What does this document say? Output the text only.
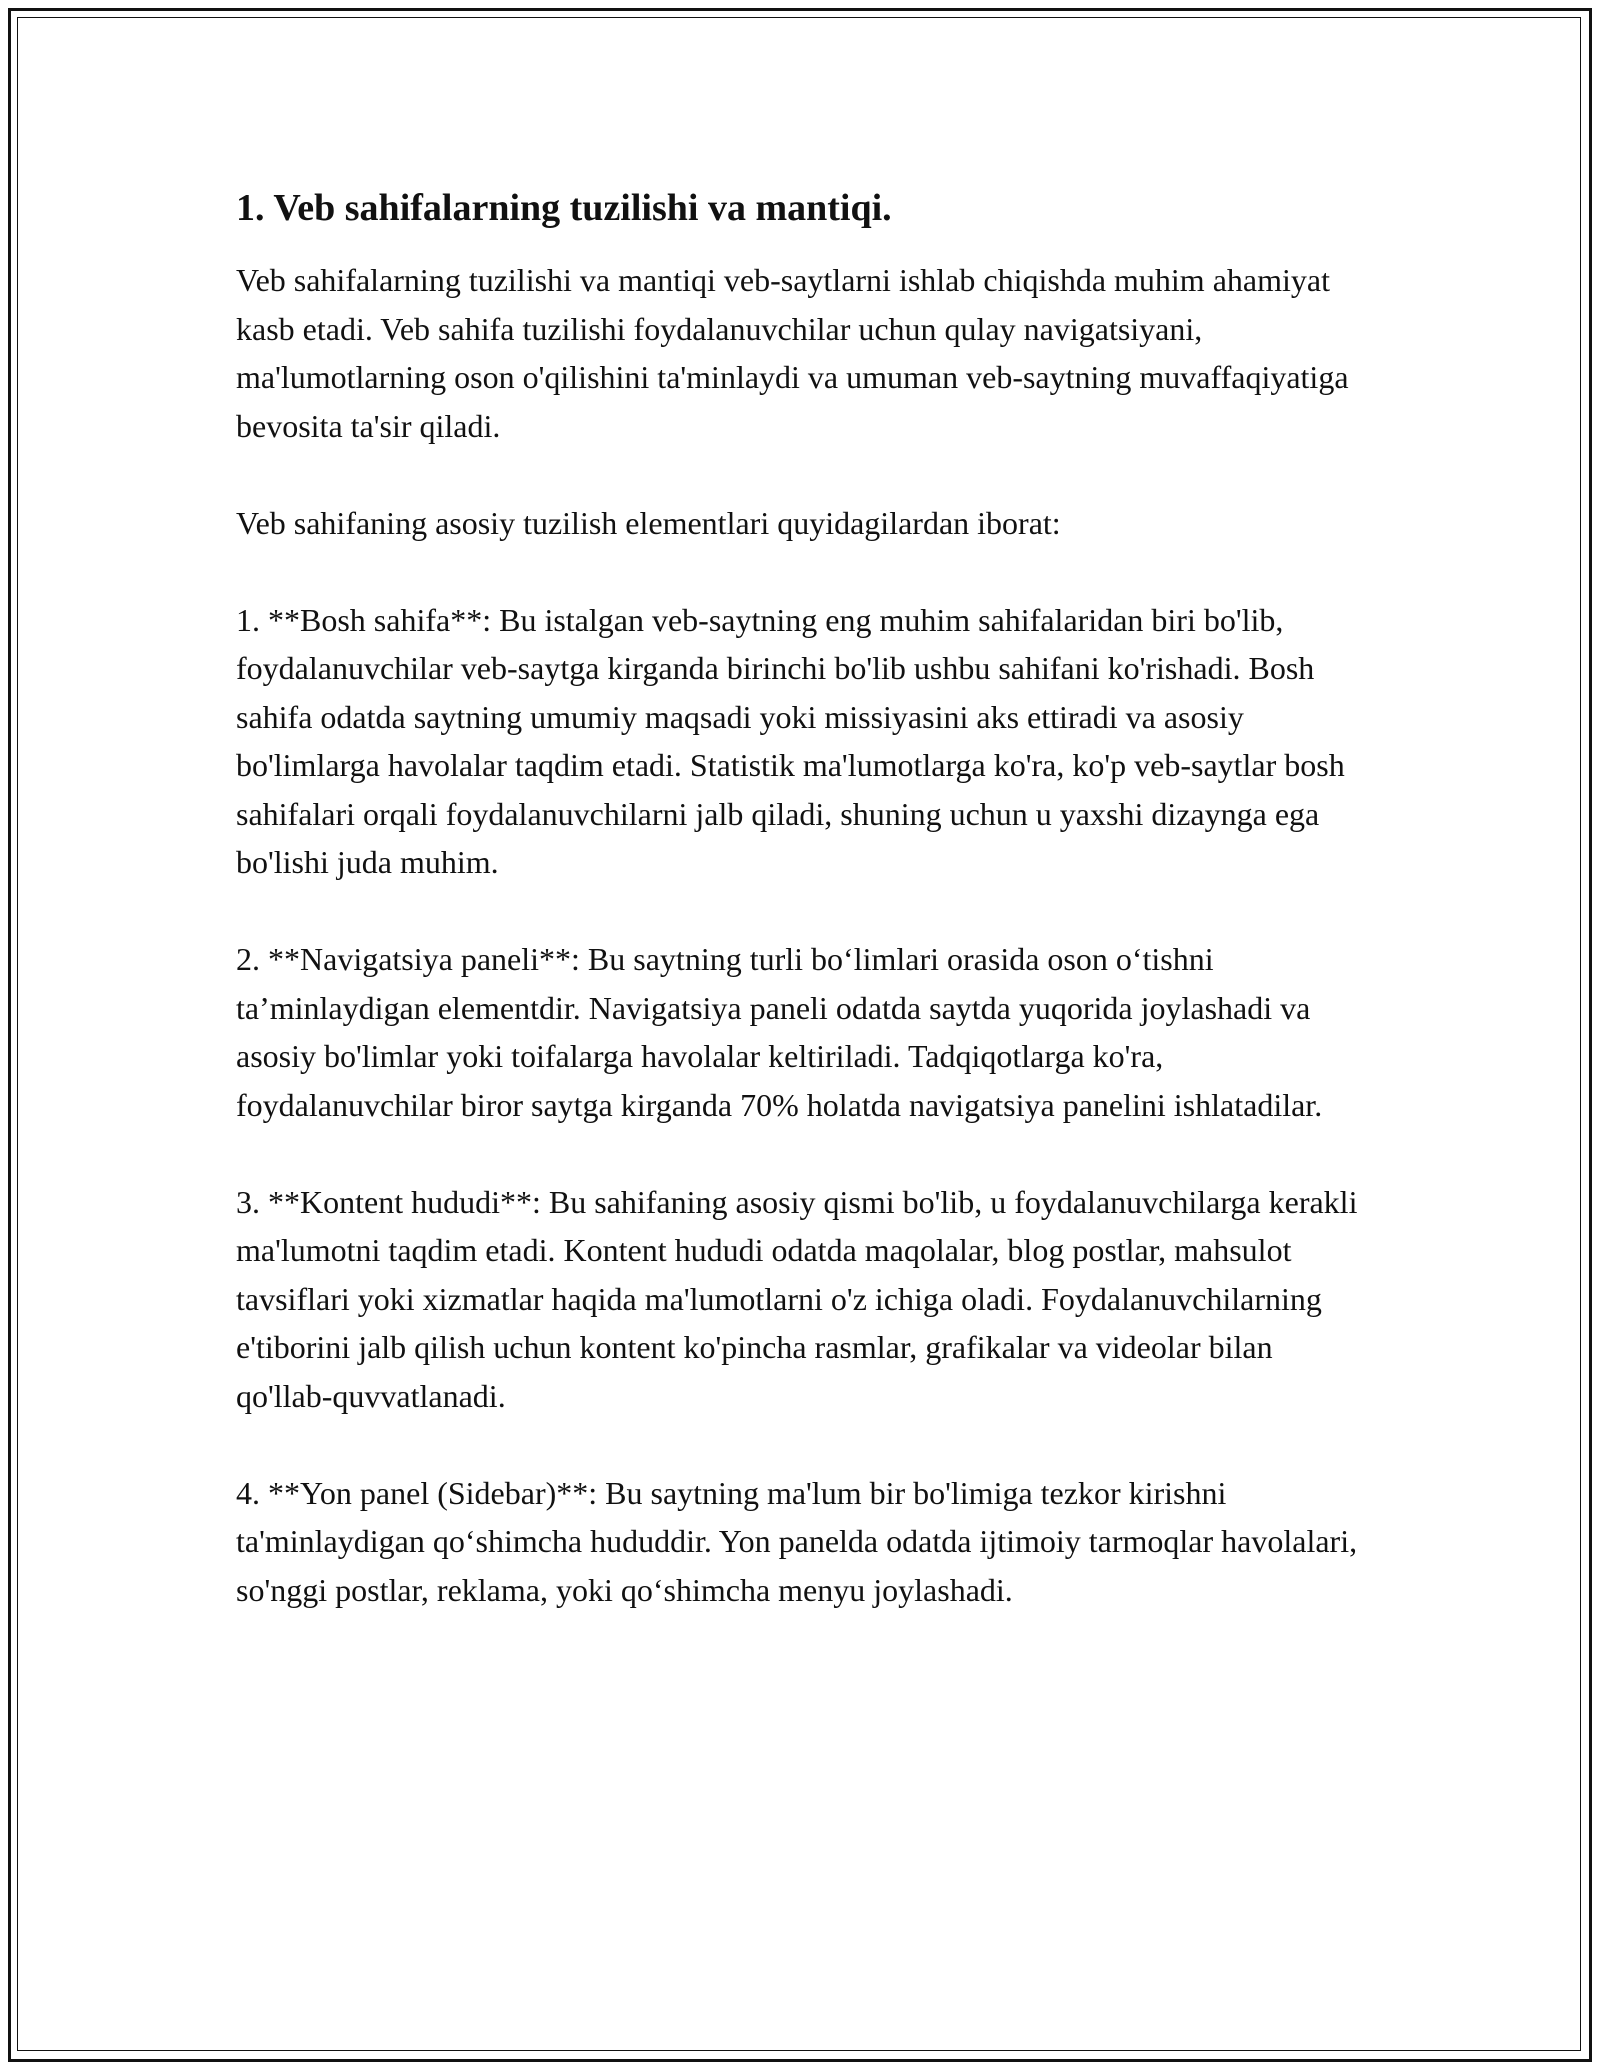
1. Veb sahifalarning tuzilishi va mantiqi.

Veb sahifalarning tuzilishi va mantiqi veb-saytlarni ishlab chiqishda muhim ahamiyat kasb etadi. Veb sahifa tuzilishi foydalanuvchilar uchun qulay navigatsiyani, ma'lumotlarning oson o'qilishini ta'minlaydi va umuman veb-saytning muvaffaqiyatiga bevosita ta'sir qiladi.

Veb sahifaning asosiy tuzilish elementlari quyidagilardan iborat:

1. **Bosh sahifa**: Bu istalgan veb-saytning eng muhim sahifalaridan biri bo'lib, foydalanuvchilar veb-saytga kirganda birinchi bo'lib ushbu sahifani ko'rishadi. Bosh sahifa odatda saytning umumiy maqsadi yoki missiyasini aks ettiradi va asosiy bo'limlarga havolalar taqdim etadi. Statistik ma'lumotlarga ko'ra, ko'p veb-saytlar bosh sahifalari orqali foydalanuvchilarni jalb qiladi, shuning uchun u yaxshi dizaynga ega bo'lishi juda muhim.

2. **Navigatsiya paneli**: Bu saytning turli bo‘limlari orasida oson o‘tishni ta’minlaydigan elementdir. Navigatsiya paneli odatda saytda yuqorida joylashadi va asosiy bo'limlar yoki toifalarga havolalar keltiriladi. Tadqiqotlarga ko'ra, foydalanuvchilar biror saytga kirganda 70% holatda navigatsiya panelini ishlatadilar.

3. **Kontent hududi**: Bu sahifaning asosiy qismi bo'lib, u foydalanuvchilarga kerakli ma'lumotni taqdim etadi. Kontent hududi odatda maqolalar, blog postlar, mahsulot tavsiflari yoki xizmatlar haqida ma'lumotlarni o'z ichiga oladi. Foydalanuvchilarning e'tiborini jalb qilish uchun kontent ko'pincha rasmlar, grafikalar va videolar bilan qo'llab-quvvatlanadi.

4. **Yon panel (Sidebar)**: Bu saytning ma'lum bir bo'limiga tezkor kirishni ta'minlaydigan qo‘shimcha hududdir. Yon panelda odatda ijtimoiy tarmoqlar havolalari, so'nggi postlar, reklama, yoki qo‘shimcha menyu joylashadi.
